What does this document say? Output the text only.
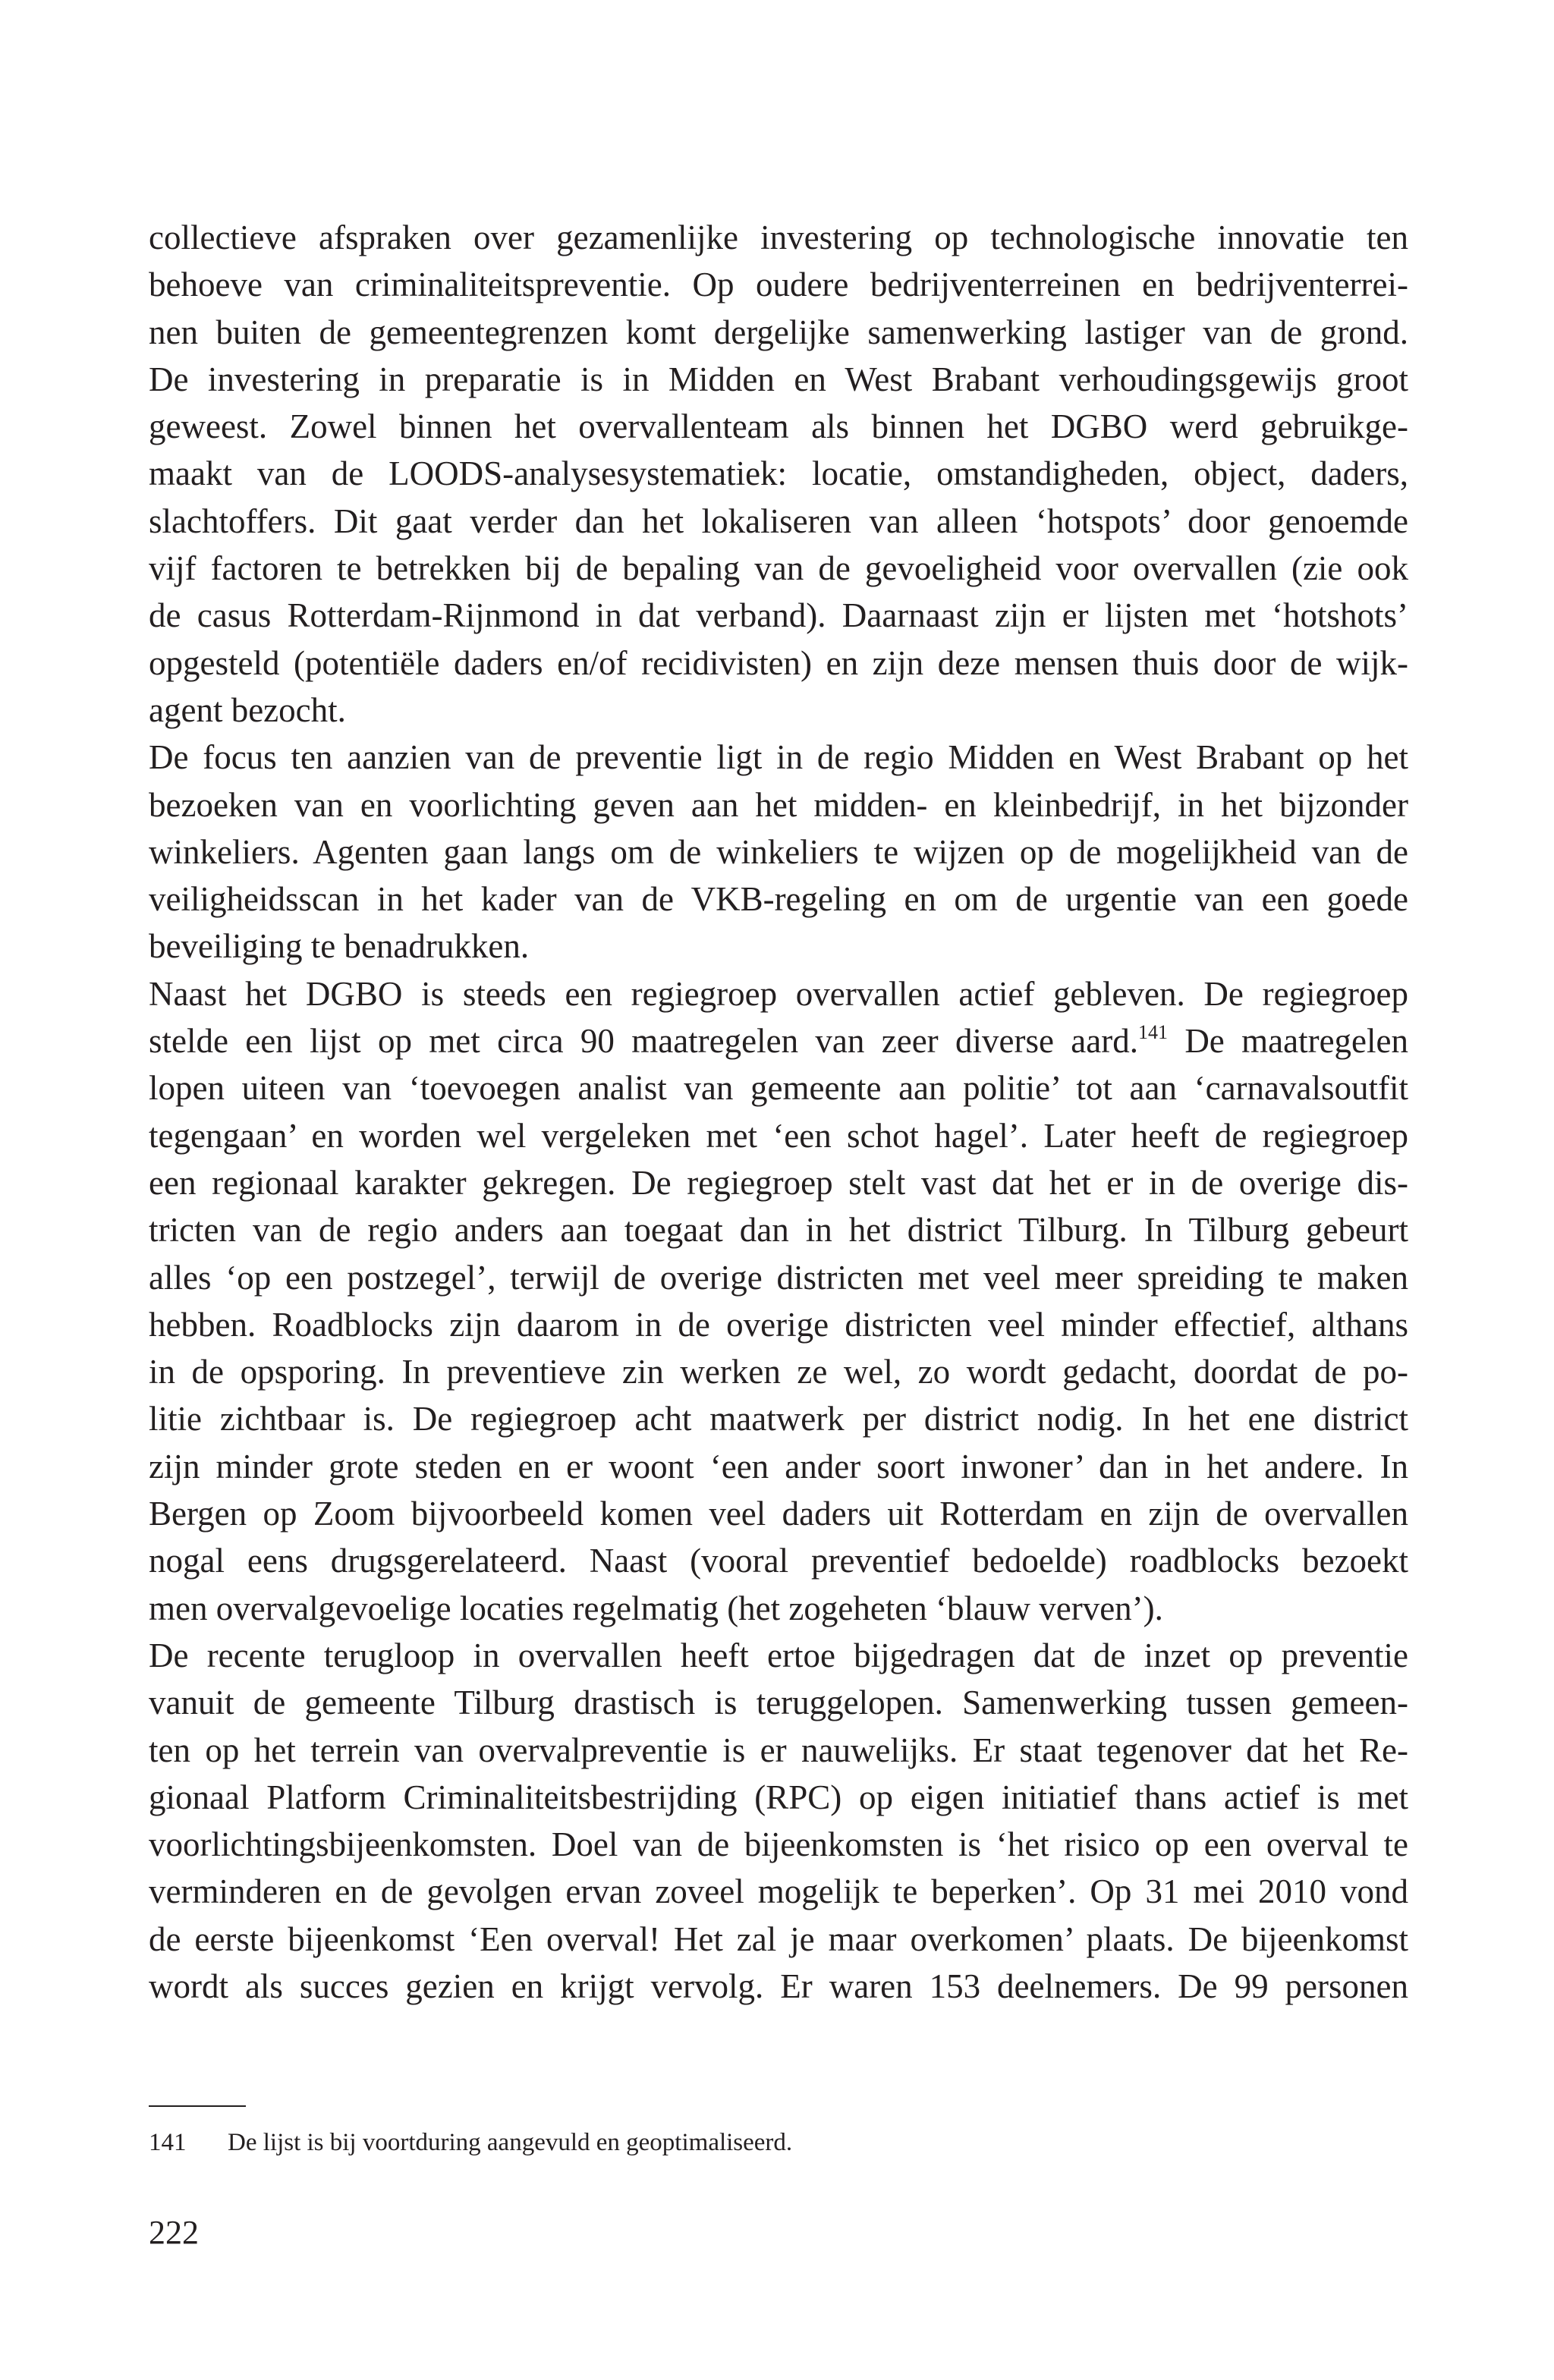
collectieve afspraken over gezamenlijke investering op technologische innovatie ten
behoeve van criminaliteitspreventie. Op oudere bedrijventerreinen en bedrijventerrei-
nen buiten de gemeentegrenzen komt dergelijke samenwerking lastiger van de grond.
De investering in preparatie is in Midden en West Brabant verhoudingsgewijs groot
geweest. Zowel binnen het overvallenteam als binnen het DGBO werd gebruikge-
maakt van de LOODS-analysesystematiek: locatie, omstandigheden, object, daders,
slachtoffers. Dit gaat verder dan het lokaliseren van alleen ‘hotspots’ door genoemde
vijf factoren te betrekken bij de bepaling van de gevoeligheid voor overvallen (zie ook
de casus Rotterdam-Rijnmond in dat verband). Daarnaast zijn er lijsten met ‘hotshots’
opgesteld (potentiële daders en/of recidivisten) en zijn deze mensen thuis door de wijk-
agent bezocht.
De focus ten aanzien van de preventie ligt in de regio Midden en West Brabant op het
bezoeken van en voorlichting geven aan het midden- en kleinbedrijf, in het bijzonder
winkeliers. Agenten gaan langs om de winkeliers te wijzen op de mogelijkheid van de
veiligheidsscan in het kader van de VKB-regeling en om de urgentie van een goede
beveiliging te benadrukken.
Naast het DGBO is steeds een regiegroep overvallen actief gebleven. De regiegroep
stelde een lijst op met circa 90 maatregelen van zeer diverse aard.$^{141}$ De maatregelen
lopen uiteen van ‘toevoegen analist van gemeente aan politie’ tot aan ‘carnavalsoutfit
tegengaan’ en worden wel vergeleken met ‘een schot hagel’. Later heeft de regiegroep
een regionaal karakter gekregen. De regiegroep stelt vast dat het er in de overige dis-
tricten van de regio anders aan toegaat dan in het district Tilburg. In Tilburg gebeurt
alles ‘op een postzegel’, terwijl de overige districten met veel meer spreiding te maken
hebben. Roadblocks zijn daarom in de overige districten veel minder effectief, althans
in de opsporing. In preventieve zin werken ze wel, zo wordt gedacht, doordat de po-
litie zichtbaar is. De regiegroep acht maatwerk per district nodig. In het ene district
zijn minder grote steden en er woont ‘een ander soort inwoner’ dan in het andere. In
Bergen op Zoom bijvoorbeeld komen veel daders uit Rotterdam en zijn de overvallen
nogal eens drugsgerelateerd. Naast (vooral preventief bedoelde) roadblocks bezoekt
men overvalgevoelige locaties regelmatig (het zogeheten ‘blauw verven’).
De recente terugloop in overvallen heeft ertoe bijgedragen dat de inzet op preventie
vanuit de gemeente Tilburg drastisch is teruggelopen. Samenwerking tussen gemeen-
ten op het terrein van overvalpreventie is er nauwelijks. Er staat tegenover dat het Re-
gionaal Platform Criminaliteitsbestrijding (RPC) op eigen initiatief thans actief is met
voorlichtingsbijeenkomsten. Doel van de bijeenkomsten is ‘het risico op een overval te
verminderen en de gevolgen ervan zoveel mogelijk te beperken’. Op 31 mei 2010 vond
de eerste bijeenkomst ‘Een overval! Het zal je maar overkomen’ plaats. De bijeenkomst
wordt als succes gezien en krijgt vervolg. Er waren 153 deelnemers. De 99 personen
141 De lijst is bij voortduring aangevuld en geoptimaliseerd.
222
